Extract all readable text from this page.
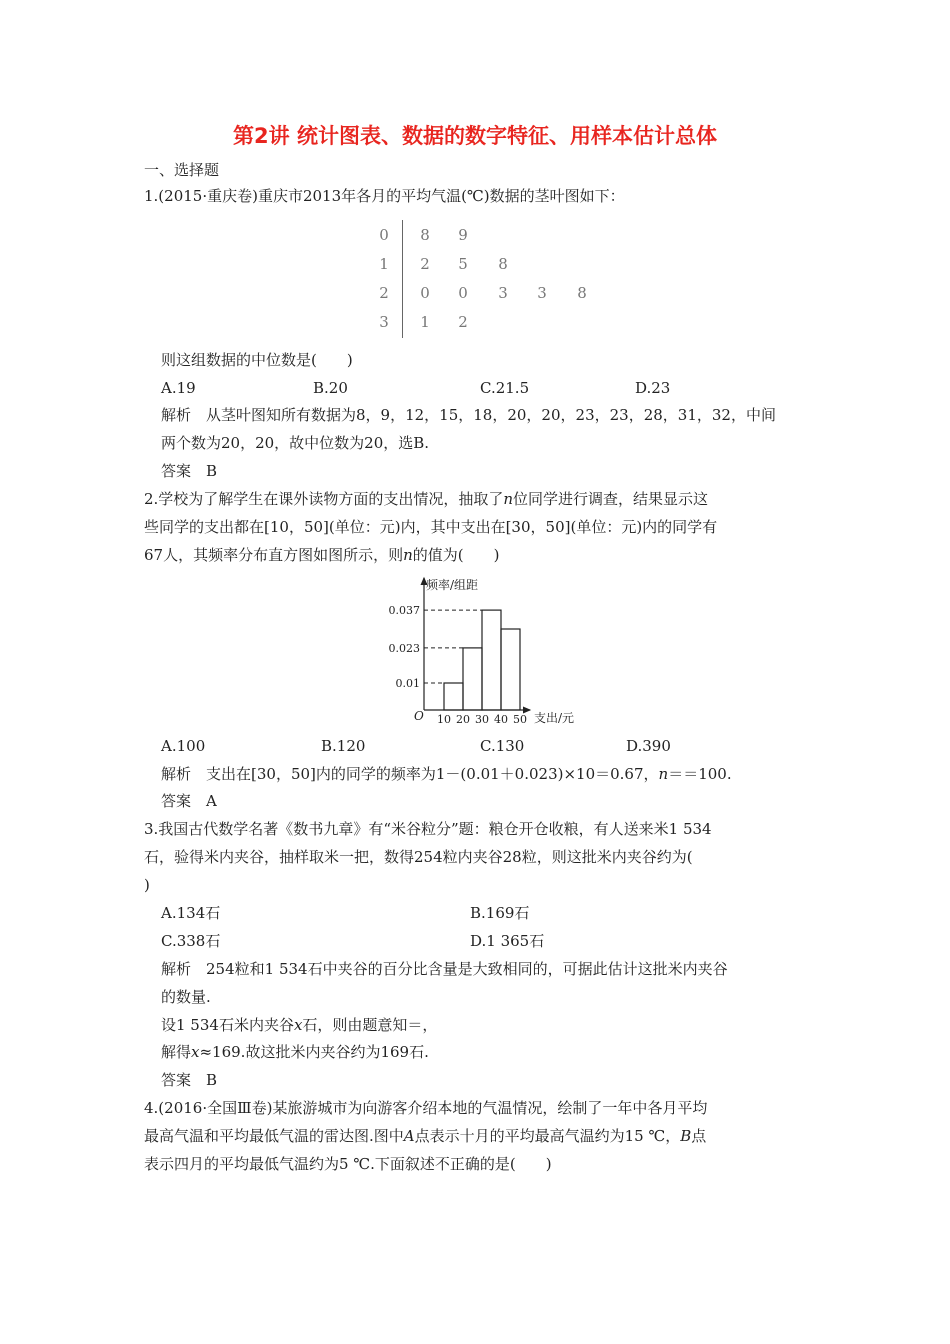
第2讲 统计图表、数据的数字特征、用样本估计总体
一、选择题
1.(2015·重庆卷)重庆市2013年各月的平均气温(℃)数据的茎叶图如下：
0 8 9
1 2 5 8
2 0 0 3 3 8
3 1 2
则这组数据的中位数是(　　)
A.19	B.20	C.21.5	D.23
解析　从茎叶图知所有数据为8，9，12，15，18，20，20，23，23，28，31，32，中间
两个数为20，20，故中位数为20，选B.
答案　B
2.学校为了解学生在课外读物方面的支出情况，抽取了n位同学进行调查，结果显示这
些同学的支出都在[10，50](单位：元)内，其中支出在[30，50](单位：元)内的同学有
67人，其频率分布直方图如图所示，则n的值为(　　)
0.01
0.023
0.037
10 20 30 40 50
频率/组距
支出/元
O
A.100	B.120	C.130	D.390
解析　支出在[30，50]内的同学的频率为1－(0.01＋0.023)×10＝0.67，n＝＝100.
答案　A
3.我国古代数学名著《数书九章》有“米谷粒分”题：粮仓开仓收粮，有人送来米1 534
石，验得米内夹谷，抽样取米一把，数得254粒内夹谷28粒，则这批米内夹谷约为(
)
A.134石	B.169石
C.338石	D.1 365石
解析　254粒和1 534石中夹谷的百分比含量是大致相同的，可据此估计这批米内夹谷
的数量.
设1 534石米内夹谷x石，则由题意知＝，
解得x≈169.故这批米内夹谷约为169石.
答案　B
4.(2016·全国Ⅲ卷)某旅游城市为向游客介绍本地的气温情况，绘制了一年中各月平均
最高气温和平均最低气温的雷达图.图中A点表示十月的平均最高气温约为15 ℃，B点
表示四月的平均最低气温约为5 ℃.下面叙述不正确的是(　　)
